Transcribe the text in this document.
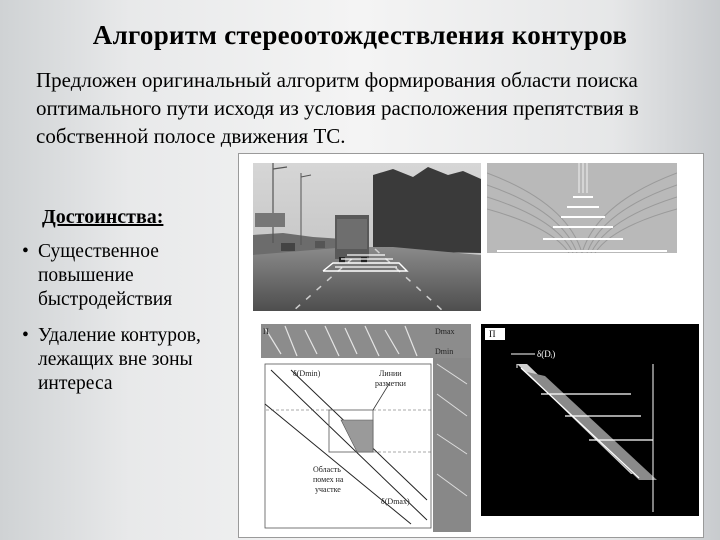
Алгоритм стереоотождествления контуров

Предложен оригинальный алгоритм формирования области поиска оптимального пути исходя из условия расположения препятствия в собственной полосе движения ТС.

Достоинства:
• Существенное повышение быстродействия
• Удаление контуров, лежащих вне зоны интереса
П	Dmax
Dmin
δ(Dmin)	Линии
разметки
Область
помех на
участке
δ(Dmax)
П
δ(Dᵢ)
